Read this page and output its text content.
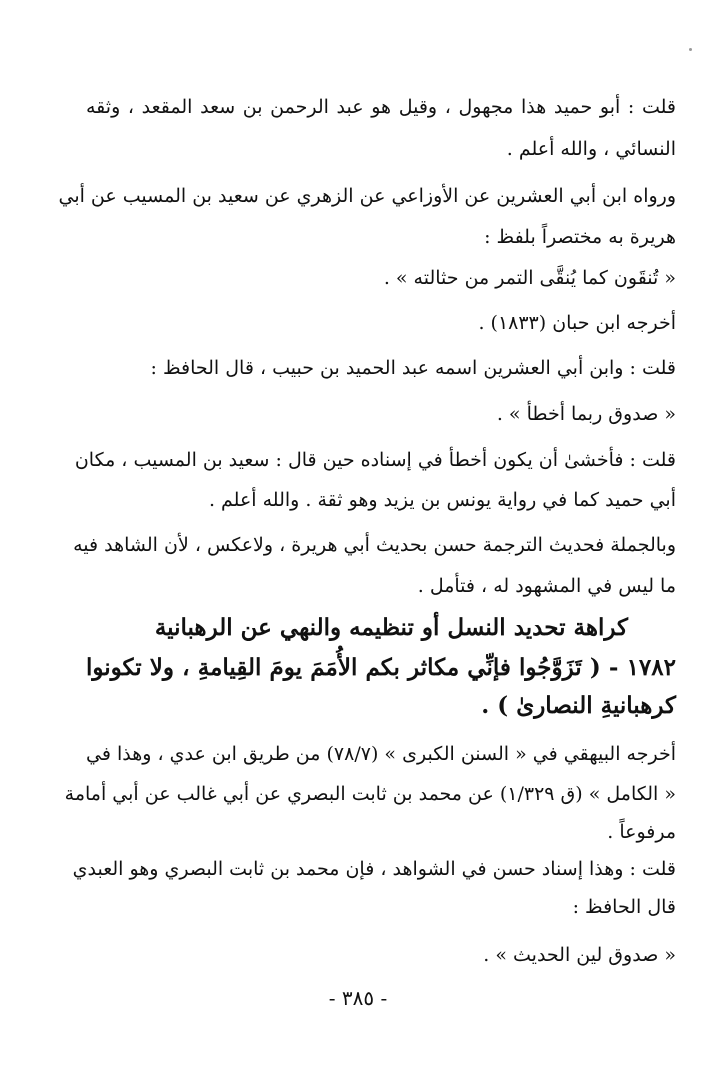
قلت : أبو حميد هذا مجهول ، وقيل هو عبد الرحمن بن سعد المقعد ، وثقه
النسائي ، والله أعلم .
ورواه ابن أبي العشرين عن الأوزاعي عن الزهري عن سعيد بن المسيب عن أبي
هريرة به مختصراً بلفظ :
« تُنقَون كما يُنقَّى التمر من حثالته » .
أخرجه ابن حبان (١٨٣٣) .
قلت : وابن أبي العشرين اسمه عبد الحميد بن حبيب ، قال الحافظ :
« صدوق ربما أخطأ » .
قلت : فأخشىٰ أن يكون أخطأ في إسناده حين قال : سعيد بن المسيب ، مكان
أبي حميد كما في رواية يونس بن يزيد وهو ثقة . والله أعلم .
وبالجملة فحديث الترجمة حسن بحديث أبي هريرة ، ولاعكس ، لأن الشاهد فيه
ما ليس في المشهود له ، فتأمل .
كراهة تحديد النسل أو تنظيمه والنهي عن الرهبانية
١٧٨٢ - ( تَزَوَّجُوا فإنِّي مكاثر بكم الأُمَمَ يومَ القِيامةِ ، ولا تكونوا
كرهبانيةِ النصارىٰ ) .
أخرجه البيهقي في « السنن الكبرى » (٧٨/٧) من طريق ابن عدي ، وهذا في
« الكامل » (ق ١/٣٢٩) عن محمد بن ثابت البصري عن أبي غالب عن أبي أمامة
مرفوعاً .
قلت : وهذا إسناد حسن في الشواهد ، فإن محمد بن ثابت البصري وهو العبدي
قال الحافظ :
« صدوق لين الحديث » .
- ٣٨٥ -
